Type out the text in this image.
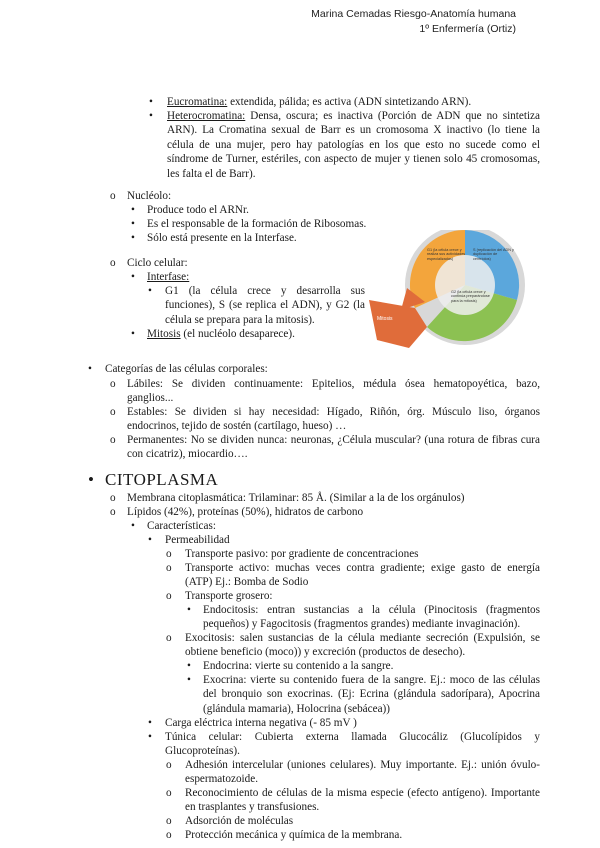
Marina Cemadas Riesgo-Anatomía humana
1º Enfermería (Ortiz)
• Eucromatina: extendida, pálida; es activa (ADN sintetizando ARN).
• Heterocromatina: Densa, oscura; es inactiva (Porción de ADN que no sintetiza ARN). La Cromatina sexual de Barr es un cromosoma X inactivo (lo tiene la célula de una mujer, pero hay patologías en los que esto no sucede como el síndrome de Turner, estériles, con aspecto de mujer y tienen solo 45 cromosomas, les falta el de Barr).
o Nucléolo:
• Produce todo el ARNr.
• Es el responsable de la formación de Ribosomas.
• Sólo está presente en la Interfase.
o Ciclo celular:
• Interfase:
• G1 (la célula crece y desarrolla sus funciones), S (se replica el ADN), y G2 (la célula se prepara para la mitosis).
• Mitosis (el nucléolo desaparece).
G1 (la célula crece y realiza sus actividades especializadas)
S (replicación del ADN y duplicación de centríolos)
G2 (la célula crece y continúa preparándose para la mitosis)
Mitosis
• Categorías de las células corporales:
o Lábiles: Se dividen continuamente: Epitelios, médula ósea hematopoyética, bazo, ganglios...
o Estables: Se dividen si hay necesidad: Hígado, Riñón, órg. Músculo liso, órganos endocrinos, tejido de sostén (cartílago, hueso) …
o Permanentes: No se dividen nunca: neuronas, ¿Célula muscular? (una rotura de fibras cura con cicatriz), miocardio….
• CITOPLASMA
o Membrana citoplasmática: Trilaminar: 85 Å. (Similar a la de los orgánulos)
o Lípidos (42%), proteínas (50%), hidratos de carbono
• Características:
• Permeabilidad
o Transporte pasivo: por gradiente de concentraciones
o Transporte activo: muchas veces contra gradiente; exige gasto de energía (ATP) Ej.: Bomba de Sodio
o Transporte grosero:
• Endocitosis: entran sustancias a la célula (Pinocitosis (fragmentos pequeños) y Fagocitosis (fragmentos grandes) mediante invaginación).
o Exocitosis: salen sustancias de la célula mediante secreción (Expulsión, se obtiene beneficio (moco)) y excreción (productos de desecho).
• Endocrina: vierte su contenido a la sangre.
• Exocrina: vierte su contenido fuera de la sangre. Ej.: moco de las células del bronquio son exocrinas. (Ej: Ecrina (glándula sadorípara), Apocrina (glándula mamaria), Holocrina (sebácea))
• Carga eléctrica interna negativa (- 85 mV )
• Túnica celular: Cubierta externa llamada Glucocáliz (Glucolípidos y Glucoproteínas).
o Adhesión intercelular (uniones celulares). Muy importante. Ej.: unión óvulo-espermatozoide.
o Reconocimiento de células de la misma especie (efecto antígeno). Importante en trasplantes y transfusiones.
o Adsorción de moléculas
o Protección mecánica y química de la membrana.
